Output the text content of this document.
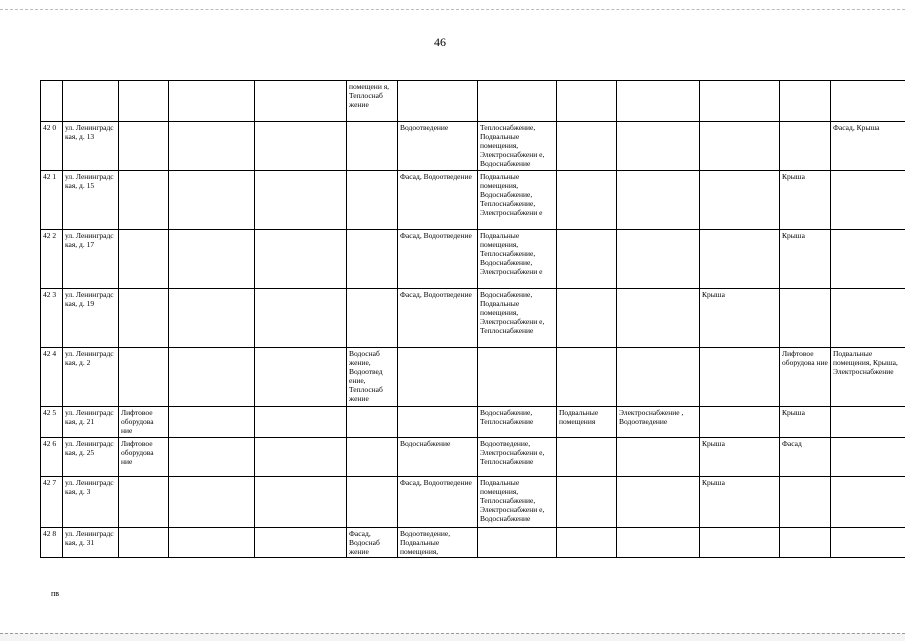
46
					помещени я, Теплоснаб жение							
42 0	ул. Ленинградс кая, д. 13					Водоотведение	Теплоснабжение, Подвальные помещения, Электроснабжени е, Водоснабжение					Фасад, Крыша
42 1	ул. Ленинградс кая, д. 15					Фасад, Водоотведение	Подвальные помещения, Водоснабжение, Теплоснабжение, Электроснабжени е				Крыша	
42 2	ул. Ленинградс кая, д. 17					Фасад, Водоотведение	Подвальные помещения, Теплоснабжение, Водоснабжение, Электроснабжени е				Крыша	
42 3	ул. Ленинградс кая, д. 19					Фасад, Водоотведение	Водоснабжение, Подвальные помещения, Электроснабжени е, Теплоснабжение			Крыша		
42 4	ул. Ленинградс кая, д. 2				Водоснаб жение, Водоотвед ение, Теплоснаб жение						Лифтовое оборудова ние	Подвальные помещения, Крыша, Электроснабжение
42 5	ул. Ленинградс кая, д. 21	Лифтовое оборудова ние					Водоснабжение, Теплоснабжение	Подвальные помещения	Электроснабжение , Водоотведение		Крыша	
42 6	ул. Ленинградс кая, д. 25	Лифтовое оборудова ние				Водоснабжение	Водоотведение, Электроснабжени е, Теплоснабжение			Крыша	Фасад	
42 7	ул. Ленинградс кая, д. 3					Фасад, Водоотведение	Подвальные помещения, Теплоснабжение, Электроснабжени е, Водоснабжение			Крыша		
42 8	ул. Ленинградс кая, д. 31				Фасад, Водоснаб жение	Водоотведение, Подвальные помещения,						
пв
